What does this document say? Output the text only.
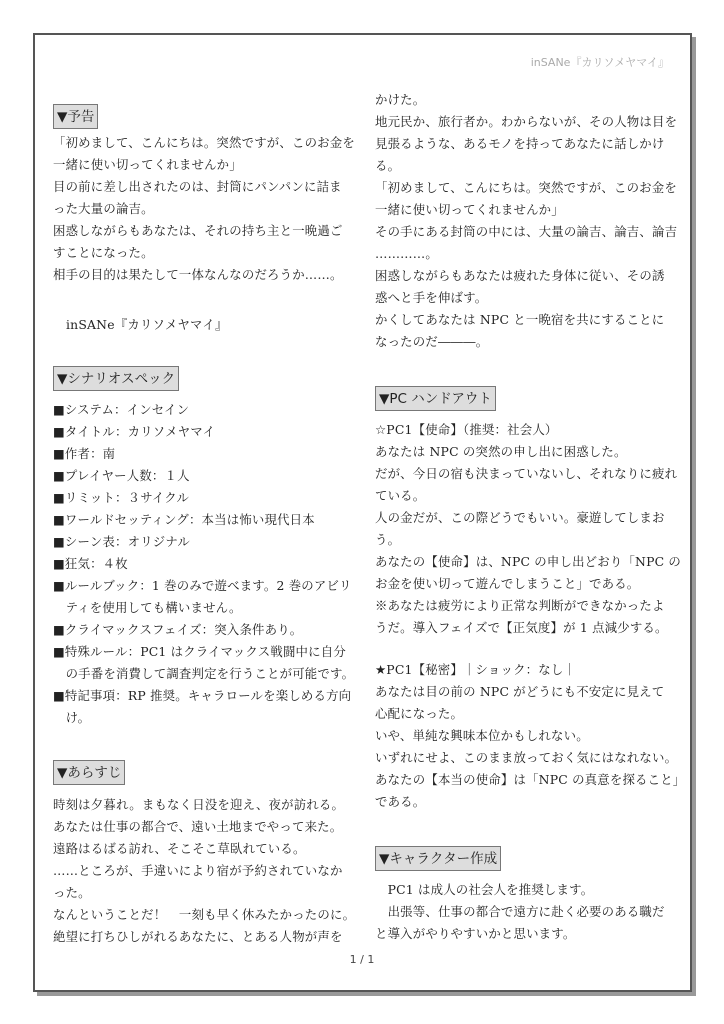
inSANe『カリソメヤマイ』
▼予告
「初めまして、こんにちは。突然ですが、このお金を
一緒に使い切ってくれませんか」
目の前に差し出されたのは、封筒にパンパンに詰ま
った大量の論吉。
困惑しながらもあなたは、それの持ち主と一晩過ご
すことになった。
相手の目的は果たして一体なんなのだろうか……。
inSANe『カリソメヤマイ』
▼シナリオスペック
■システム：インセイン
■タイトル：カリソメヤマイ
■作者：南
■プレイヤー人数：１人
■リミット：３サイクル
■ワールドセッティング：本当は怖い現代日本
■シーン表：オリジナル
■狂気：４枚
■ルールブック：1 巻のみで遊べます。2 巻のアビリ
　ティを使用しても構いません。
■クライマックスフェイズ：突入条件あり。
■特殊ルール：PC1 はクライマックス戦闘中に自分
　の手番を消費して調査判定を行うことが可能です。
■特記事項：RP 推奨。キャラロールを楽しめる方向
　け。
▼あらすじ
時刻は夕暮れ。まもなく日没を迎え、夜が訪れる。
あなたは仕事の都合で、遠い土地までやって来た。
遠路はるばる訪れ、そこそこ草臥れている。
……ところが、手違いにより宿が予約されていなか
った。
なんということだ！　一刻も早く休みたかったのに。
絶望に打ちひしがれるあなたに、とある人物が声を
かけた。
地元民か、旅行者か。わからないが、その人物は目を
見張るような、あるモノを持ってあなたに話しかけ
る。
「初めまして、こんにちは。突然ですが、このお金を
一緒に使い切ってくれませんか」
その手にある封筒の中には、大量の論吉、論吉、論吉
…………。
困惑しながらもあなたは疲れた身体に従い、その誘
惑へと手を伸ばす。
かくしてあなたは NPC と一晩宿を共にすることに
なったのだ―――。
▼PC ハンドアウト
☆PC1【使命】（推奨：社会人）
あなたは NPC の突然の申し出に困惑した。
だが、今日の宿も決まっていないし、それなりに疲れ
ている。
人の金だが、この際どうでもいい。豪遊してしまお
う。
あなたの【使命】は、NPC の申し出どおり「NPC の
お金を使い切って遊んでしまうこと」である。
※あなたは疲労により正常な判断ができなかったよ
うだ。導入フェイズで【正気度】が 1 点減少する。
★PC1【秘密】｜ショック：なし｜
あなたは目の前の NPC がどうにも不安定に見えて
心配になった。
いや、単純な興味本位かもしれない。
いずれにせよ、このまま放っておく気にはなれない。
あなたの【本当の使命】は「NPC の真意を探ること」
である。
▼キャラクター作成
　PC1 は成人の社会人を推奨します。
　出張等、仕事の都合で遠方に赴く必要のある職だ
と導入がやりやすいかと思います。
1 / 1
